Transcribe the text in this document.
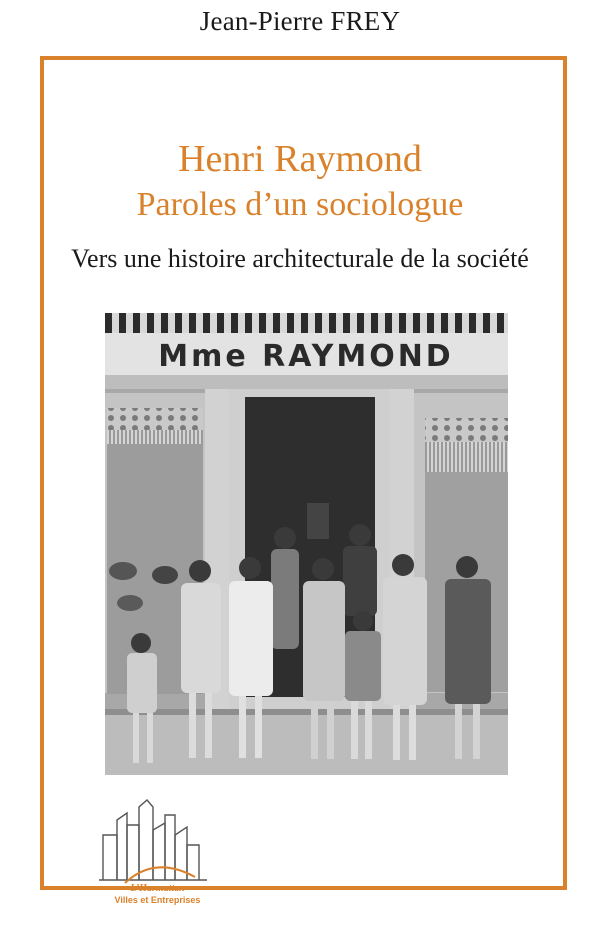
Jean-Pierre FREY
Henri Raymond
Paroles d’un sociologue
Vers une histoire architecturale de la société
Mme RAYMOND
L’Harmattan
Villes et Entreprises
